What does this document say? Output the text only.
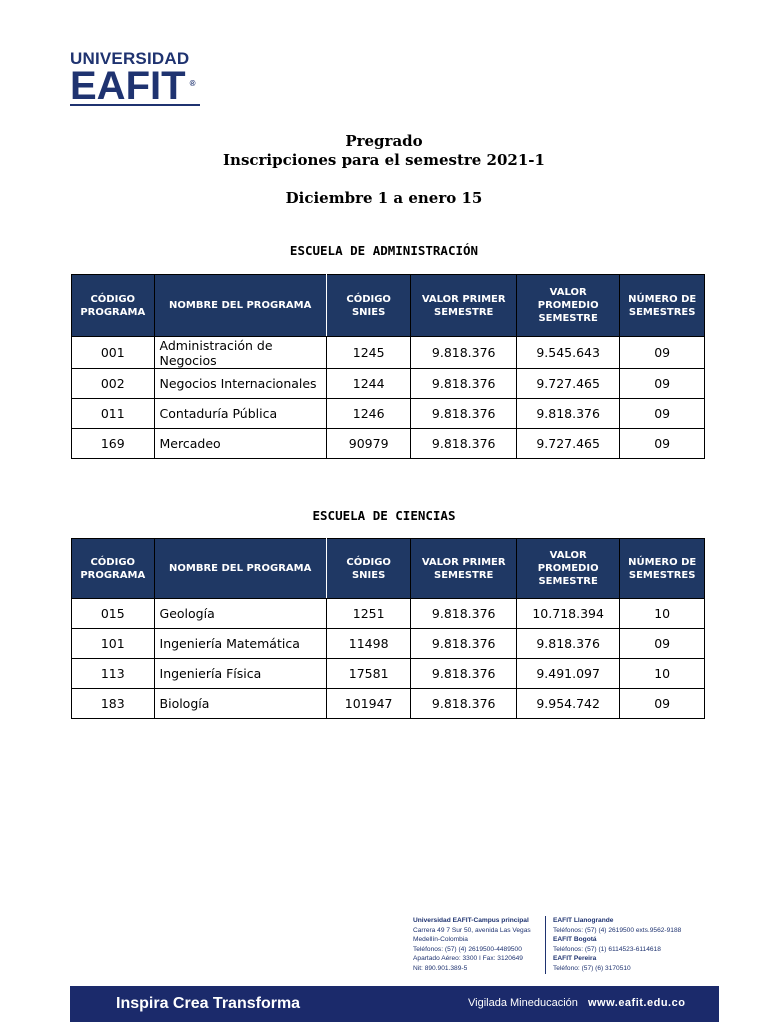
UNIVERSIDAD
EAFIT ®
Pregrado
Inscripciones para el semestre 2021-1
Diciembre 1 a enero 15
ESCUELA DE ADMINISTRACIÓN
CÓDIGO PROGRAMA	NOMBRE DEL PROGRAMA	CÓDIGO SNIES	VALOR PRIMER SEMESTRE	VALOR PROMEDIO SEMESTRE	NÚMERO DE SEMESTRES
001	Administración de Negocios	1245	9.818.376	9.545.643	09
002	Negocios Internacionales	1244	9.818.376	9.727.465	09
011	Contaduría Pública	1246	9.818.376	9.818.376	09
169	Mercadeo	90979	9.818.376	9.727.465	09
ESCUELA DE CIENCIAS
CÓDIGO PROGRAMA	NOMBRE DEL PROGRAMA	CÓDIGO SNIES	VALOR PRIMER SEMESTRE	VALOR PROMEDIO SEMESTRE	NÚMERO DE SEMESTRES
015	Geología	1251	9.818.376	10.718.394	10
101	Ingeniería Matemática	11498	9.818.376	9.818.376	09
113	Ingeniería Física	17581	9.818.376	9.491.097	10
183	Biología	101947	9.818.376	9.954.742	09
Universidad EAFIT-Campus principal
Carrera 49 7 Sur 50, avenida Las Vegas
Medellín-Colombia
Teléfonos: (57) (4) 2619500-4489500
Apartado Aéreo: 3300 I Fax: 3120649
Nit: 890.901.389-5
EAFIT Llanogrande
Teléfonos: (57) (4) 2619500 exts.9562-9188
EAFIT Bogotá
Teléfonos: (57) (1) 6114523-6114618
EAFIT Pereira
Teléfono: (57) (6) 3170510
Inspira Crea Transforma	Vigilada Mineducación www.eafit.edu.co
